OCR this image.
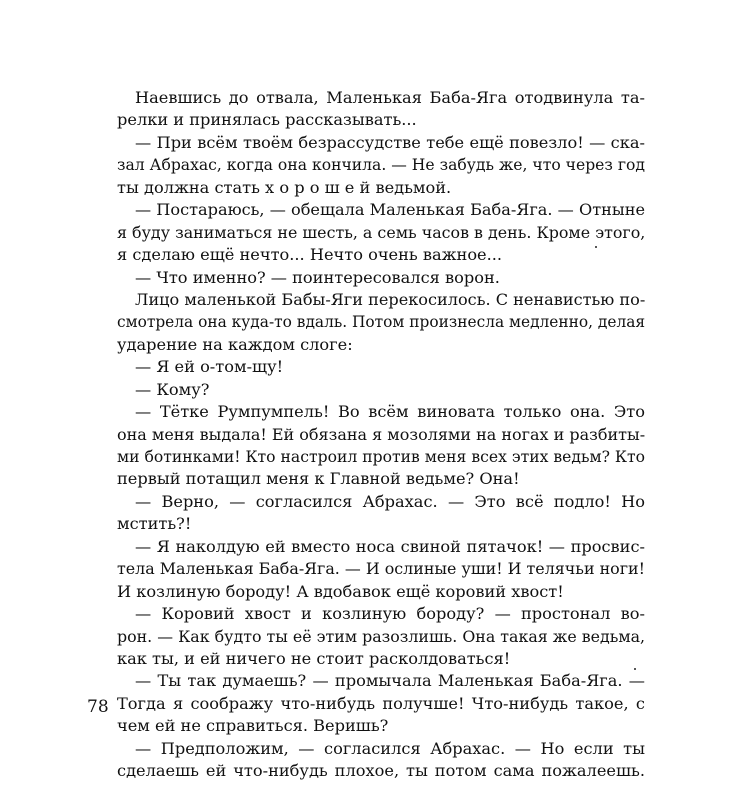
Наевшись до отвала, Маленькая Баба-Яга отодвинула та-
релки и принялась рассказывать...
— При всём твоём безрассудстве тебе ещё повезло! — ска-
зал Абрахас, когда она кончила. — Не забудь же, что через год
ты должна стать х о р о ш е й ведьмой.
— Постараюсь, — обещала Маленькая Баба-Яга. — Отныне
я буду заниматься не шесть, а семь часов в день. Кроме этого,
я сделаю ещё нечто... Нечто очень важное...
— Что именно? — поинтересовался ворон.
Лицо маленькой Бабы-Яги перекосилось. С ненавистью по-
смотрела она куда-то вдаль. Потом произнесла медленно, делая
ударение на каждом слоге:
— Я ей о-том-щу!
— Кому?
— Тётке Румпумпель! Во всём виновата только она. Это
она меня выдала! Ей обязана я мозолями на ногах и разбиты-
ми ботинками! Кто настроил против меня всех этих ведьм? Кто
первый потащил меня к Главной ведьме? Она!
— Верно, — согласился Абрахас. — Это всё подло! Но
мстить?!
— Я наколдую ей вместо носа свиной пятачок! — просвис-
тела Маленькая Баба-Яга. — И ослиные уши! И телячьи ноги!
И козлиную бороду! А вдобавок ещё коровий хвост!
— Коровий хвост и козлиную бороду? — простонал во-
рон. — Как будто ты её этим разозлишь. Она такая же ведьма,
как ты, и ей ничего не стоит расколдоваться!
— Ты так думаешь? — промычала Маленькая Баба-Яга. —
Тогда я соображу что-нибудь получше! Что-нибудь такое, с
чем ей не справиться. Веришь?
— Предположим, — согласился Абрахас. — Но если ты
сделаешь ей что-нибудь плохое, ты потом сама пожалеешь.
78
